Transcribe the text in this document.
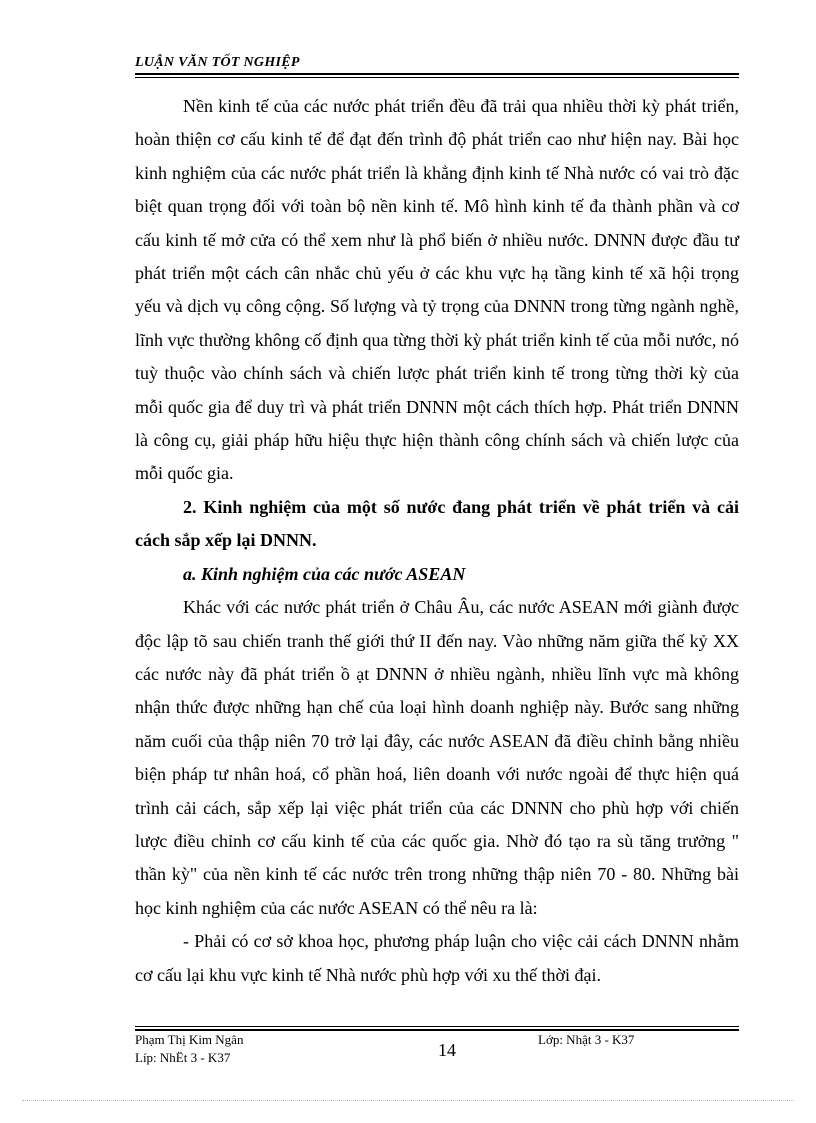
LUẬN VĂN TỐT NGHIỆP

Nền kinh tế của các nước phát triển đều đã trải qua nhiều thời kỳ phát triển, hoàn thiện cơ cấu kinh tế để đạt đến trình độ phát triển cao như hiện nay. Bài học kinh nghiệm của các nước phát triển là khẳng định kinh tế Nhà nước có vai trò đặc biệt quan trọng đối với toàn bộ nền kinh tế. Mô hình kinh tế đa thành phần và cơ cấu kinh tế mở cửa có thể xem như là phổ biến ở nhiều nước. DNNN được đầu tư phát triển một cách cân nhắc chủ yếu ở các khu vực hạ tầng kinh tế xã hội trọng yếu và dịch vụ công cộng. Số lượng và tỷ trọng của DNNN trong từng ngành nghề, lĩnh vực thường không cố định qua từng thời kỳ phát triển kinh tế của mỗi nước, nó tuỳ thuộc vào chính sách và chiến lược phát triển kinh tế trong từng thời kỳ của mỗi quốc gia để duy trì và phát triển DNNN một cách thích hợp. Phát triển DNNN là công cụ, giải pháp hữu hiệu thực hiện thành công chính sách và chiến lược của mỗi quốc gia.

2. Kinh nghiệm của một số nước đang phát triển về phát triển và cải cách sắp xếp lại DNNN.

a. Kinh nghiệm của các nước ASEAN

Khác với các nước phát triển ở Châu Âu, các nước ASEAN mới giành được độc lập tõ sau chiến tranh thế giới thứ II đến nay. Vào những năm giữa thế kỷ XX các nước này đã phát triển ồ ạt DNNN ở nhiều ngành, nhiều lĩnh vực mà không nhận thức được những hạn chế của loại hình doanh nghiệp này. Bước sang những năm cuối của thập niên 70 trở lại đây, các nước ASEAN đã điều chỉnh bằng nhiều biện pháp tư nhân hoá, cổ phần hoá, liên doanh với nước ngoài để thực hiện quá trình cải cách, sắp xếp lại việc phát triển của các DNNN cho phù hợp với chiến lược điều chỉnh cơ cấu kinh tế của các quốc gia. Nhờ đó tạo ra sù tăng trưởng " thần kỳ" của nền kinh tế các nước trên trong những thập niên 70 - 80. Những bài học kinh nghiệm của các nước ASEAN có thể nêu ra là:

- Phải có cơ sở khoa học, phương pháp luận cho việc cải cách DNNN nhằm cơ cấu lại khu vực kinh tế Nhà nước phù hợp với xu thế thời đại.

Phạm Thị Kim Ngân
Líp: NhËt 3 - K37	14
Lớp: Nhật 3 - K37
